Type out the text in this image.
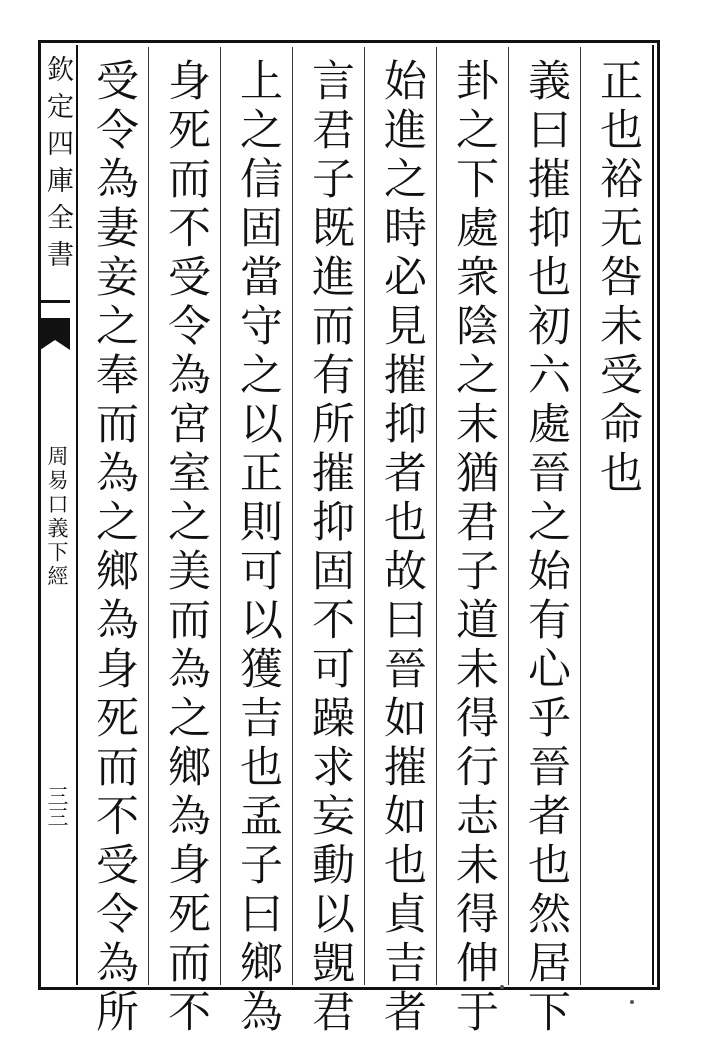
欽定四庫全書
周易口義下經
三三
正也裕无咎未受命也
義曰摧抑也初六處晉之始有心乎晉者也然居下
卦之下處衆陰之末猶君子道未得行志未得伸于
始進之時必見摧抑者也故曰晉如摧如也貞吉者
言君子既進而有所摧抑固不可躁求妄動以覬君
上之信固當守之以正則可以獲吉也孟子曰鄉為
身死而不受令為宮室之美而為之鄉為身死而不
受令為妻妾之奉而為之鄉為身死而不受令為所
